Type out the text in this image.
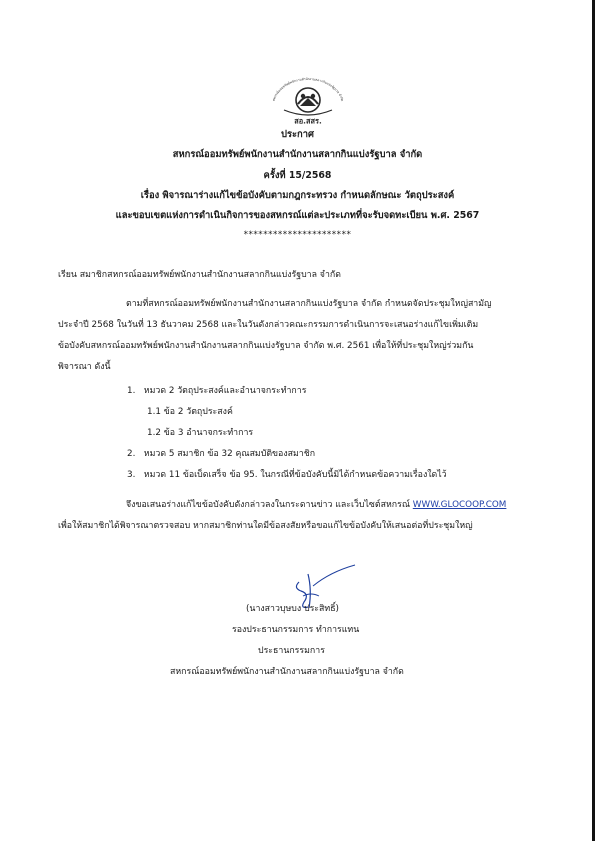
สหกรณ์ออมทรัพย์พนักงานสำนักงานสลากกินแบ่งรัฐบาล จำกัด
สอ.สสร.
ประกาศ
สหกรณ์ออมทรัพย์พนักงานสำนักงานสลากกินแบ่งรัฐบาล จำกัด
ครั้งที่ 15/2568
เรื่อง พิจารณาร่างแก้ไขข้อบังคับตามกฎกระทรวง กำหนดลักษณะ วัตถุประสงค์
และขอบเขตแห่งการดำเนินกิจการของสหกรณ์แต่ละประเภทที่จะรับจดทะเบียน พ.ศ. 2567
**********************
เรียน สมาชิกสหกรณ์ออมทรัพย์พนักงานสำนักงานสลากกินแบ่งรัฐบาล จำกัด
ตามที่สหกรณ์ออมทรัพย์พนักงานสำนักงานสลากกินแบ่งรัฐบาล จำกัด กำหนดจัดประชุมใหญ่สามัญ
ประจำปี 2568 ในวันที่ 13 ธันวาคม 2568 และในวันดังกล่าวคณะกรรมการดำเนินการจะเสนอร่างแก้ไขเพิ่มเติม
ข้อบังคับสหกรณ์ออมทรัพย์พนักงานสำนักงานสลากกินแบ่งรัฐบาล จำกัด พ.ศ. 2561 เพื่อให้ที่ประชุมใหญ่ร่วมกัน
พิจารณา ดังนี้
1. หมวด 2 วัตถุประสงค์และอำนาจกระทำการ
1.1 ข้อ 2 วัตถุประสงค์
1.2 ข้อ 3 อำนาจกระทำการ
2. หมวด 5 สมาชิก ข้อ 32 คุณสมบัติของสมาชิก
3. หมวด 11 ข้อเบ็ดเสร็จ ข้อ 95. ในกรณีที่ข้อบังคับนี้มิได้กำหนดข้อความเรื่องใดไว้
จึงขอเสนอร่างแก้ไขข้อบังคับดังกล่าวลงในกระดานข่าว และเว็บไซต์สหกรณ์ WWW.GLOCOOP.COM
เพื่อให้สมาชิกได้พิจารณาตรวจสอบ หากสมาชิกท่านใดมีข้อสงสัยหรือขอแก้ไขข้อบังคับให้เสนอต่อที่ประชุมใหญ่
(นางสาวบุษบง ประสิทธิ์)
รองประธานกรรมการ ทำการแทน
ประธานกรรมการ
สหกรณ์ออมทรัพย์พนักงานสำนักงานสลากกินแบ่งรัฐบาล จำกัด
